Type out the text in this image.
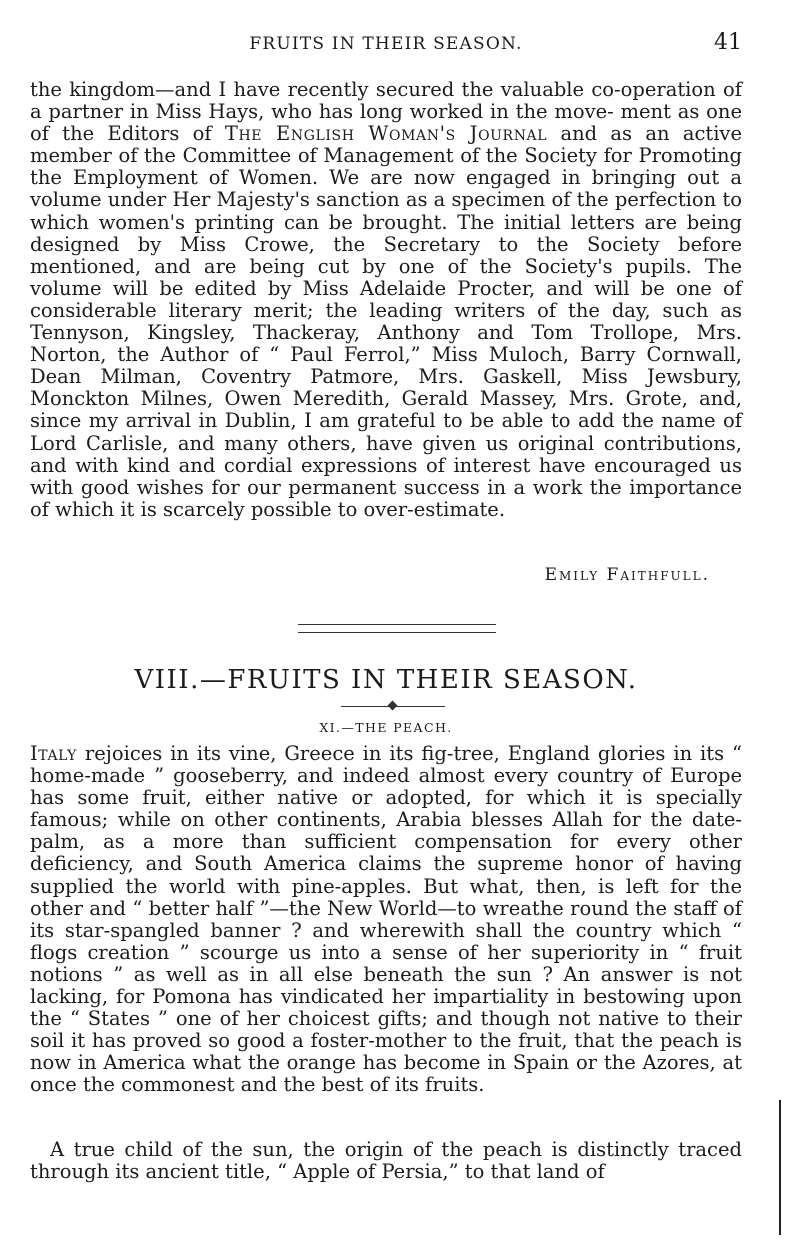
FRUITS IN THEIR SEASON.	41

the kingdom—and I have recently secured the valuable co-operation of a partner in Miss Hays, who has long worked in the move- ment as one of the Editors of The English Woman's Journal and as an active member of the Committee of Management of the Society for Promoting the Employment of Women. We are now engaged in bringing out a volume under Her Majesty's sanction as a specimen of the perfection to which women's printing can be brought. The initial letters are being designed by Miss Crowe, the Secretary to the Society before mentioned, and are being cut by one of the Society's pupils. The volume will be edited by Miss Adelaide Procter, and will be one of considerable literary merit; the leading writers of the day, such as Tennyson, Kingsley, Thackeray, Anthony and Tom Trollope, Mrs. Norton, the Author of “ Paul Ferrol,” Miss Muloch, Barry Cornwall, Dean Milman, Coventry Patmore, Mrs. Gaskell, Miss Jewsbury, Monckton Milnes, Owen Meredith, Gerald Massey, Mrs. Grote, and, since my arrival in Dublin, I am grateful to be able to add the name of Lord Carlisle, and many others, have given us original contributions, and with kind and cordial expressions of interest have encouraged us with good wishes for our permanent success in a work the importance of which it is scarcely possible to over-estimate.

Emily Faithfull.
VIII.—FRUITS IN THEIR SEASON.
XI.—THE PEACH.

Italy rejoices in its vine, Greece in its fig-tree, England glories in its “ home-made ” gooseberry, and indeed almost every country of Europe has some fruit, either native or adopted, for which it is specially famous; while on other continents, Arabia blesses Allah for the date-palm, as a more than sufficient compensation for every other deficiency, and South America claims the supreme honor of having supplied the world with pine-apples. But what, then, is left for the other and “ better half ”—the New World—to wreathe round the staff of its star-spangled banner ? and wherewith shall the country which “ flogs creation ” scourge us into a sense of her superiority in “ fruit notions ” as well as in all else beneath the sun ? An answer is not lacking, for Pomona has vindicated her impartiality in bestowing upon the “ States ” one of her choicest gifts; and though not native to their soil it has proved so good a foster-mother to the fruit, that the peach is now in America what the orange has become in Spain or the Azores, at once the commonest and the best of its fruits.

A true child of the sun, the origin of the peach is distinctly traced through its ancient title, “ Apple of Persia,” to that land of
